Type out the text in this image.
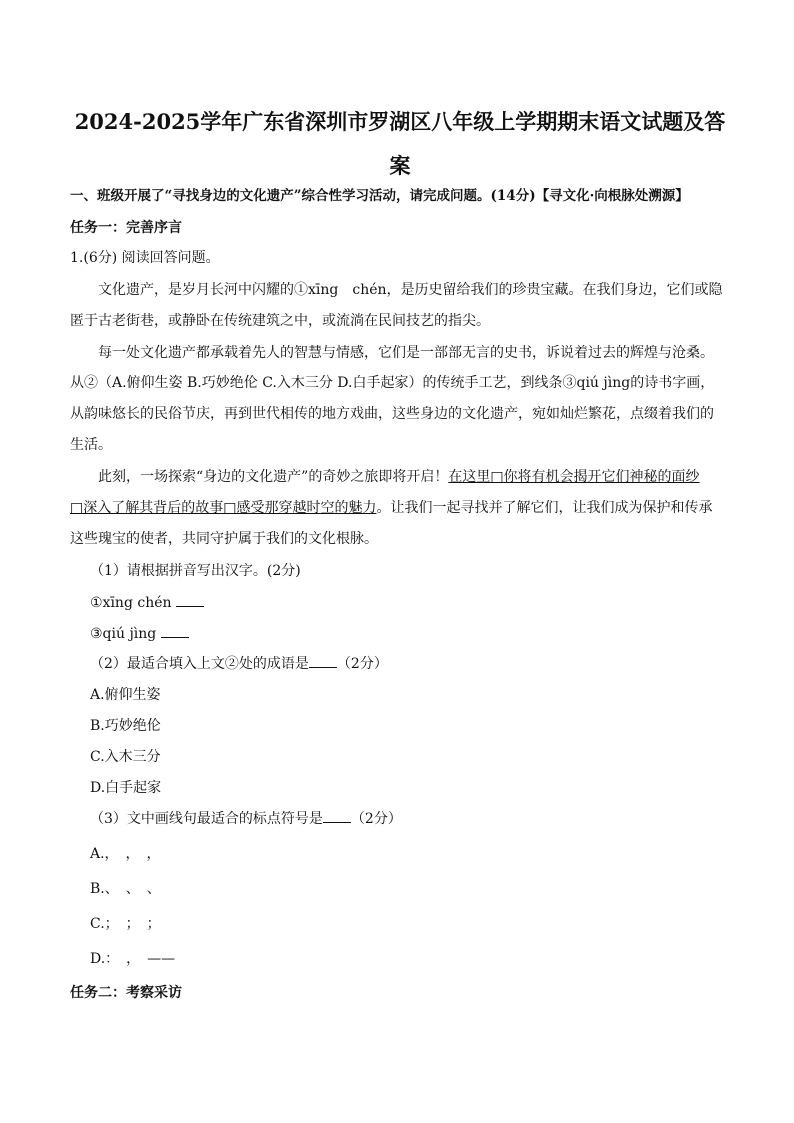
2024-2025学年广东省深圳市罗湖区八年级上学期期末语文试题及答
案
一、班级开展了“寻找身边的文化遗产”综合性学习活动，请完成问题。(14分)【寻文化·向根脉处溯源】
任务一：完善序言
1.(6分) 阅读回答问题。
文化遗产，是岁月长河中闪耀的①xīng　chén，是历史留给我们的珍贵宝藏。在我们身边，它们或隐
匿于古老街巷，或静卧在传统建筑之中，或流淌在民间技艺的指尖。
每一处文化遗产都承载着先人的智慧与情感，它们是一部部无言的史书，诉说着过去的辉煌与沧桑。
从②（A.俯仰生姿 B.巧妙绝伦 C.入木三分 D.白手起家）的传统手工艺，到线条③qiú jìng的诗书字画，
从韵味悠长的民俗节庆，再到世代相传的地方戏曲，这些身边的文化遗产，宛如灿烂繁花，点缀着我们的
生活。
此刻，一场探索“身边的文化遗产”的奇妙之旅即将开启！在这里□你将有机会揭开它们神秘的面纱
□深入了解其背后的故事□感受那穿越时空的魅力。让我们一起寻找并了解它们，让我们成为保护和传承
这些瑰宝的使者，共同守护属于我们的文化根脉。
（1）请根据拼音写出汉字。(2分)
①xīng chén
③qiú jìng
（2）最适合填入上文②处的成语是 （2分）
A.俯仰生姿
B.巧妙绝伦
C.入木三分
D.白手起家
（3）文中画线句最适合的标点符号是 （2分）
A.，　，　，
B.、　、　、
C.；　；　；
D.：　，　——
任务二：考察采访
